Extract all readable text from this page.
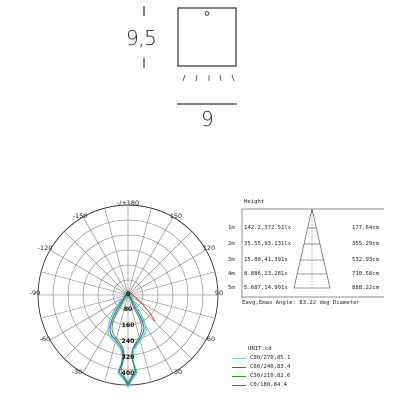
9,5
9
-/+180
-150	150
-120	120
-90	90
-60	60
-30	30
0
80
160
240
320
400
Height
1m 142.2,372.51lx	177.64cm
2m 35.55,93.131lx	355.29cm
3m 15.80,41.391x	532.93cm
4m 8.886,23.281x	710.58cm
5m 5.687,14.901x	888.22cm
Eavg,Emax Angle: 83.22 deg Diameter
UNIT:cd
C90/270,85.1
C60/240,83.4
C30/210,82.6
C0/180,84.4
